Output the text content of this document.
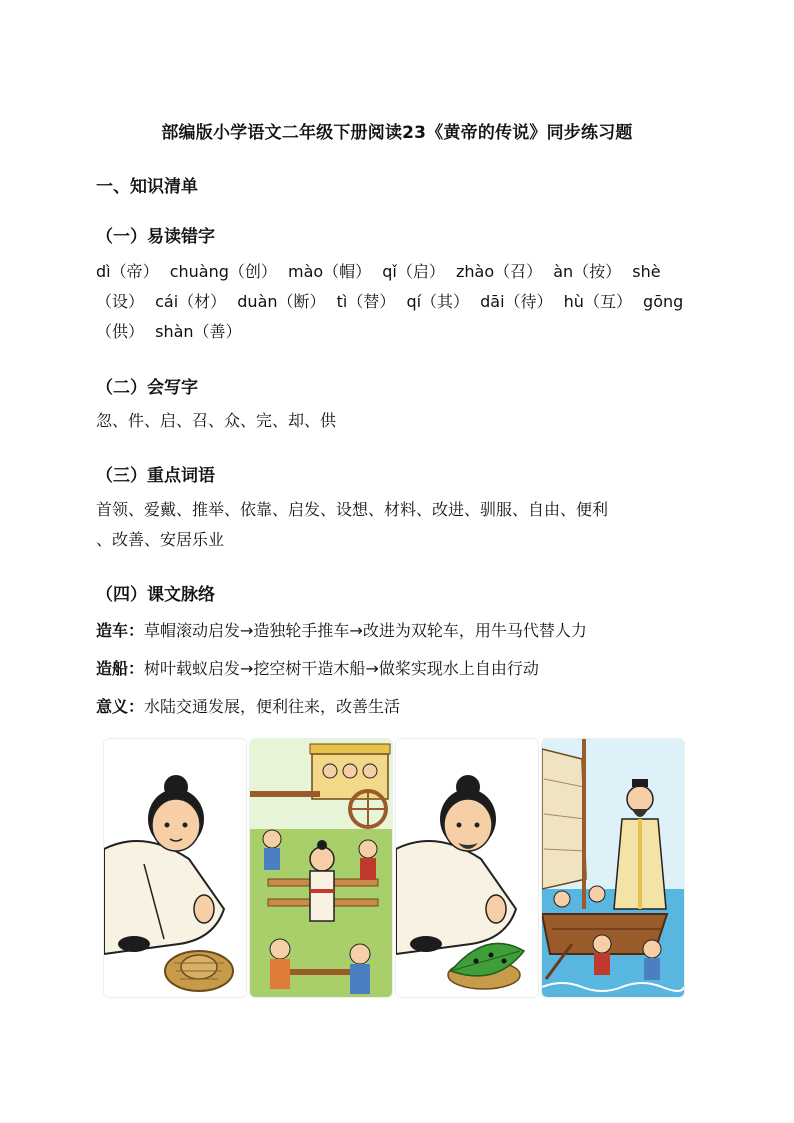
部编版小学语文二年级下册阅读23《黄帝的传说》同步练习题
一、知识清单
（一）易读错字
dì（帝） chuàng（创） mào（帽） qǐ（启） zhào（召） àn（按） shè
（设） cái（材） duàn（断） tì（替） qí（其） dāi（待） hù（互） gōng
（供） shàn（善）
（二）会写字
忽、件、启、召、众、完、却、供
（三）重点词语
首领、爱戴、推举、依靠、启发、设想、材料、改进、驯服、自由、便利
、改善、安居乐业
（四）课文脉络
造车：草帽滚动启发→造独轮手推车→改进为双轮车，用牛马代替人力
造船：树叶载蚁启发→挖空树干造木船→做桨实现水上自由行动
意义：水陆交通发展，便利往来，改善生活
